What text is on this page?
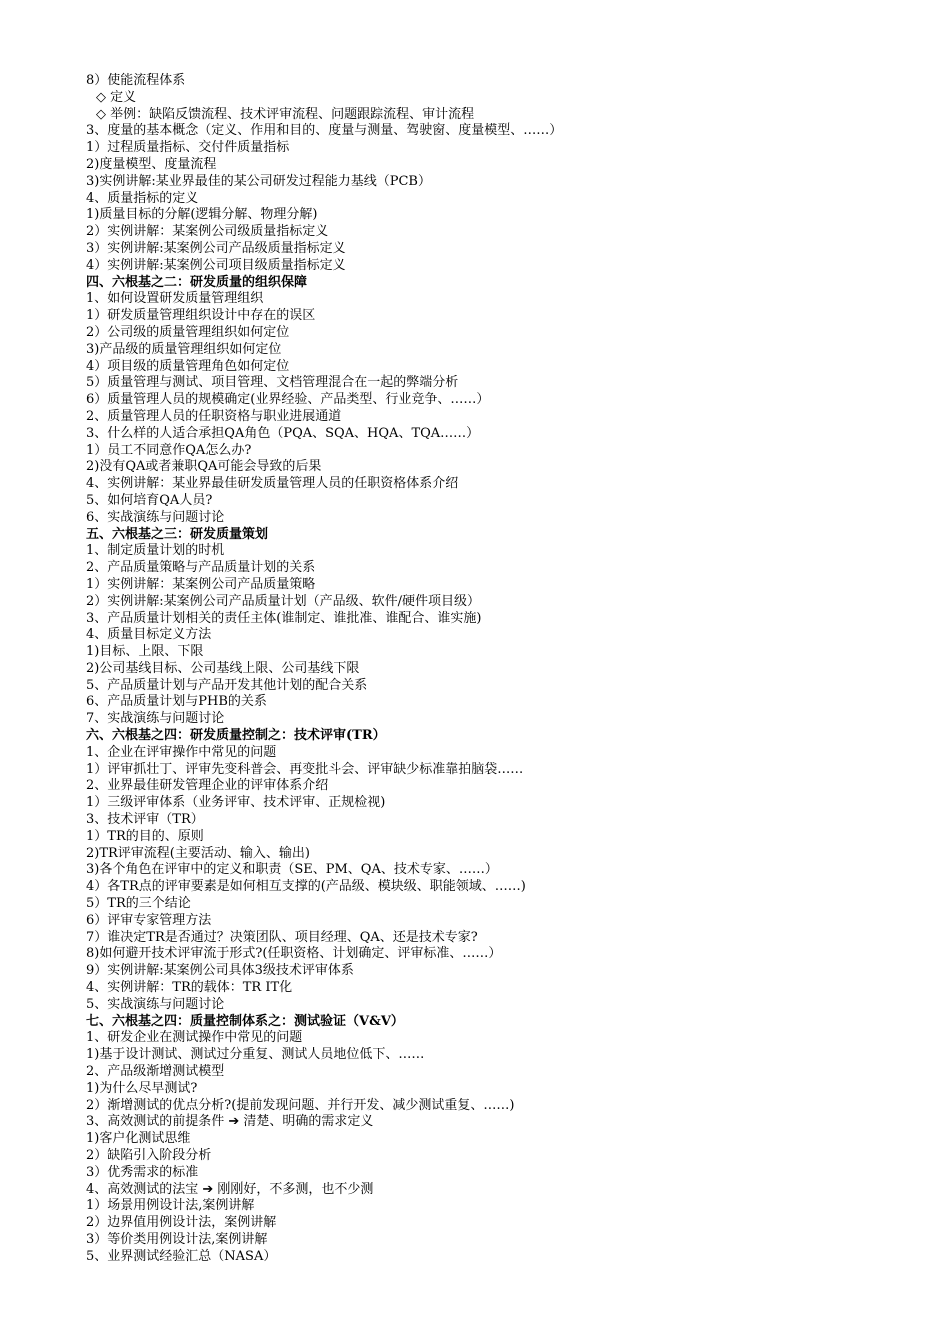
8）使能流程体系
◇ 定义
◇ 举例：缺陷反馈流程、技术评审流程、问题跟踪流程、审计流程
3、度量的基本概念（定义、作用和目的、度量与测量、驾驶窗、度量模型、……）
1）过程质量指标、交付件质量指标
2)度量模型、度量流程
3)实例讲解:某业界最佳的某公司研发过程能力基线（PCB）
4、质量指标的定义
1)质量目标的分解(逻辑分解、物理分解)
2）实例讲解：某案例公司级质量指标定义
3）实例讲解:某案例公司产品级质量指标定义
4）实例讲解:某案例公司项目级质量指标定义
四、六根基之二：研发质量的组织保障
1、如何设置研发质量管理组织
1）研发质量管理组织设计中存在的误区
2）公司级的质量管理组织如何定位
3)产品级的质量管理组织如何定位
4）项目级的质量管理角色如何定位
5）质量管理与测试、项目管理、文档管理混合在一起的弊端分析
6）质量管理人员的规模确定(业界经验、产品类型、行业竞争、……）
2、质量管理人员的任职资格与职业进展通道
3、什么样的人适合承担QA角色（PQA、SQA、HQA、TQA……）
1）员工不同意作QA怎么办?
2)没有QA或者兼职QA可能会导致的后果
4、实例讲解：某业界最佳研发质量管理人员的任职资格体系介绍
5、如何培育QA人员?
6、实战演练与问题讨论
五、六根基之三：研发质量策划
1、制定质量计划的时机
2、产品质量策略与产品质量计划的关系
1）实例讲解：某案例公司产品质量策略
2）实例讲解:某案例公司产品质量计划（产品级、软件/硬件项目级）
3、产品质量计划相关的责任主体(谁制定、谁批准、谁配合、谁实施)
4、质量目标定义方法
1)目标、上限、下限
2)公司基线目标、公司基线上限、公司基线下限
5、产品质量计划与产品开发其他计划的配合关系
6、产品质量计划与PHB的关系
7、实战演练与问题讨论
六、六根基之四：研发质量控制之：技术评审(TR）
1、企业在评审操作中常见的问题
1）评审抓壮丁、评审先变科普会、再变批斗会、评审缺少标准靠拍脑袋……
2、业界最佳研发管理企业的评审体系介绍
1）三级评审体系（业务评审、技术评审、正规检视)
3、技术评审（TR）
1）TR的目的、原则
2)TR评审流程(主要活动、输入、输出)
3)各个角色在评审中的定义和职责（SE、PM、QA、技术专家、……）
4）各TR点的评审要素是如何相互支撑的(产品级、模块级、职能领域、……)
5）TR的三个结论
6）评审专家管理方法
7）谁决定TR是否通过？决策团队、项目经理、QA、还是技术专家?
8)如何避开技术评审流于形式?(任职资格、计划确定、评审标准、……）
9）实例讲解:某案例公司具体3级技术评审体系
4、实例讲解：TR的载体：TR IT化
5、实战演练与问题讨论
七、六根基之四：质量控制体系之：测试验证（V&V）
1、研发企业在测试操作中常见的问题
1)基于设计测试、测试过分重复、测试人员地位低下、……
2、产品级渐增测试模型
1)为什么尽早测试?
2）渐增测试的优点分析?(提前发现问题、并行开发、减少测试重复、……)
3、高效测试的前提条件 ➔ 清楚、明确的需求定义
1)客户化测试思维
2）缺陷引入阶段分析
3）优秀需求的标准
4、高效测试的法宝 ➔ 刚刚好，不多测，也不少测
1）场景用例设计法,案例讲解
2）边界值用例设计法，案例讲解
3）等价类用例设计法,案例讲解
5、业界测试经验汇总（NASA）
